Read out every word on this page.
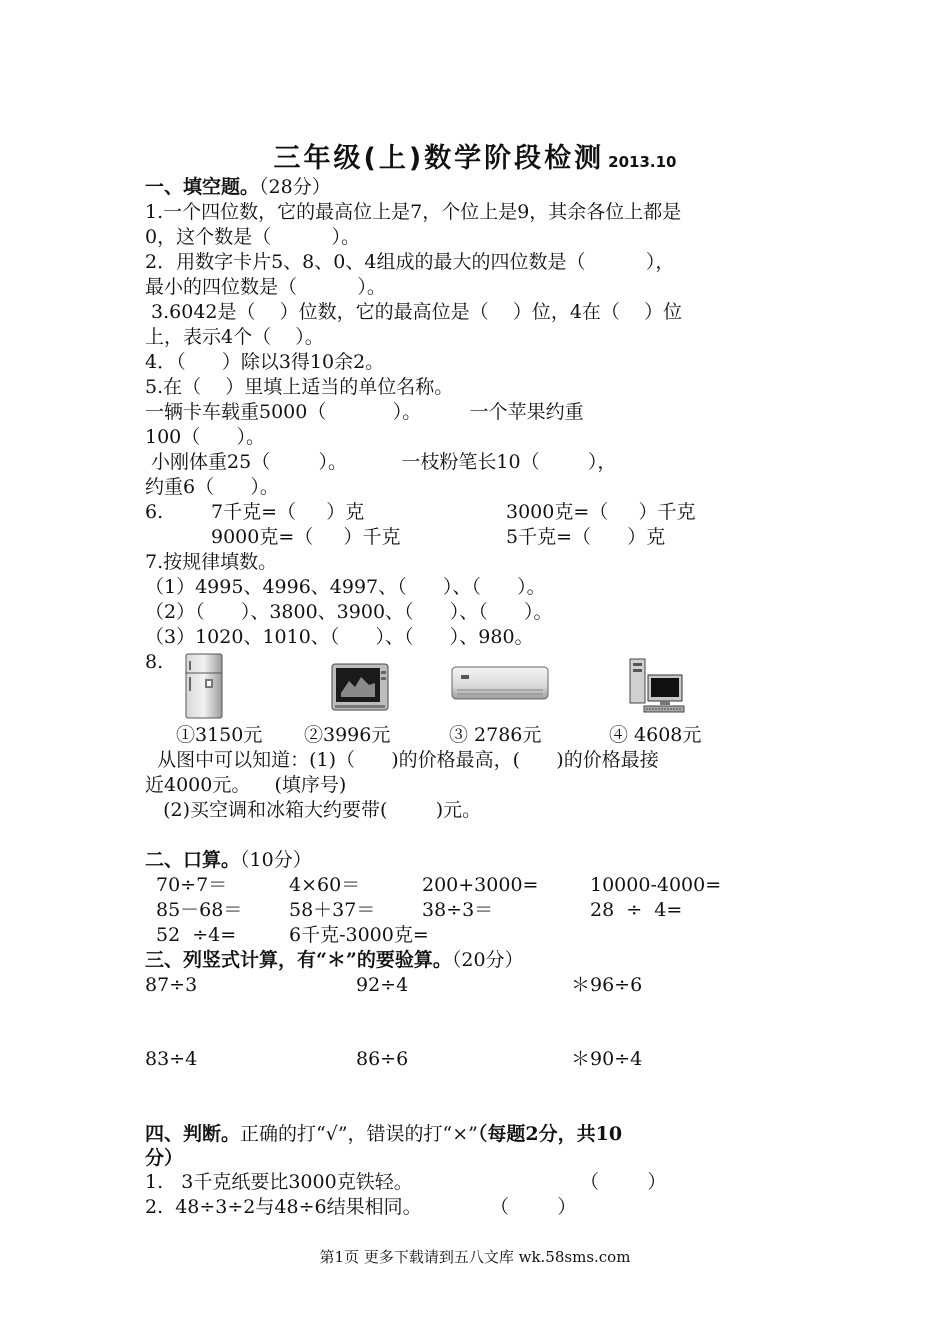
三年级(上)数学阶段检测 2013.10
一、填空题。（28分）
1.一个四位数，它的最高位上是7，个位上是9，其余各位上都是
0，这个数是（          ）。
2．用数字卡片5、8、0、4组成的最大的四位数是（          ），
最小的四位数是（          ）。
3.6042是（    ）位数，它的最高位是（    ）位，4在（    ）位
上，表示4个（    ）。
4．（      ）除以3得10余2。
5.在（    ）里填上适当的单位名称。
一辆卡车载重5000（           ）。        一个苹果约重
100（      ）。
小刚体重25（        ）。         一枝粉笔长10（        ），
约重6（      ）。
6.	7千克=（     ）克	3000克=（     ）千克
9000克=（     ）千克	5千克=（      ）克
7.按规律填数。
（1）4995、4996、4997、（      ）、（      ）。
（2）（      ）、3800、3900、（      ）、（      ）。
（3）1020、1010、（      ）、（      ）、980。
8.
①3150元 ②3996元	③ 2786元	④ 4608元
从图中可以知道：(1)（      )的价格最高，(      )的价格最接
近4000元。    (填序号)
(2)买空调和冰箱大约要带(        )元。
二、口算。（10分）
70÷7＝	4×60＝	200+3000=	10000-4000=
85－68＝ 58＋37＝ 38÷3＝	28  ÷  4=
52  ÷4=	6千克-3000克=
三、列竖式计算，有“＊”的要验算。（20分）
87÷3	92÷4	＊96÷6
83÷4	86÷6	＊90÷4
四、判断。正确的打“√”，错误的打“×”（每题2分，共10
分）
1.   3千克纸要比3000克铁轻。	（        ）
2.  48÷3÷2与48÷6结果相同。	（        ）
第1页 更多下载请到五八文库 wk.58sms.com
